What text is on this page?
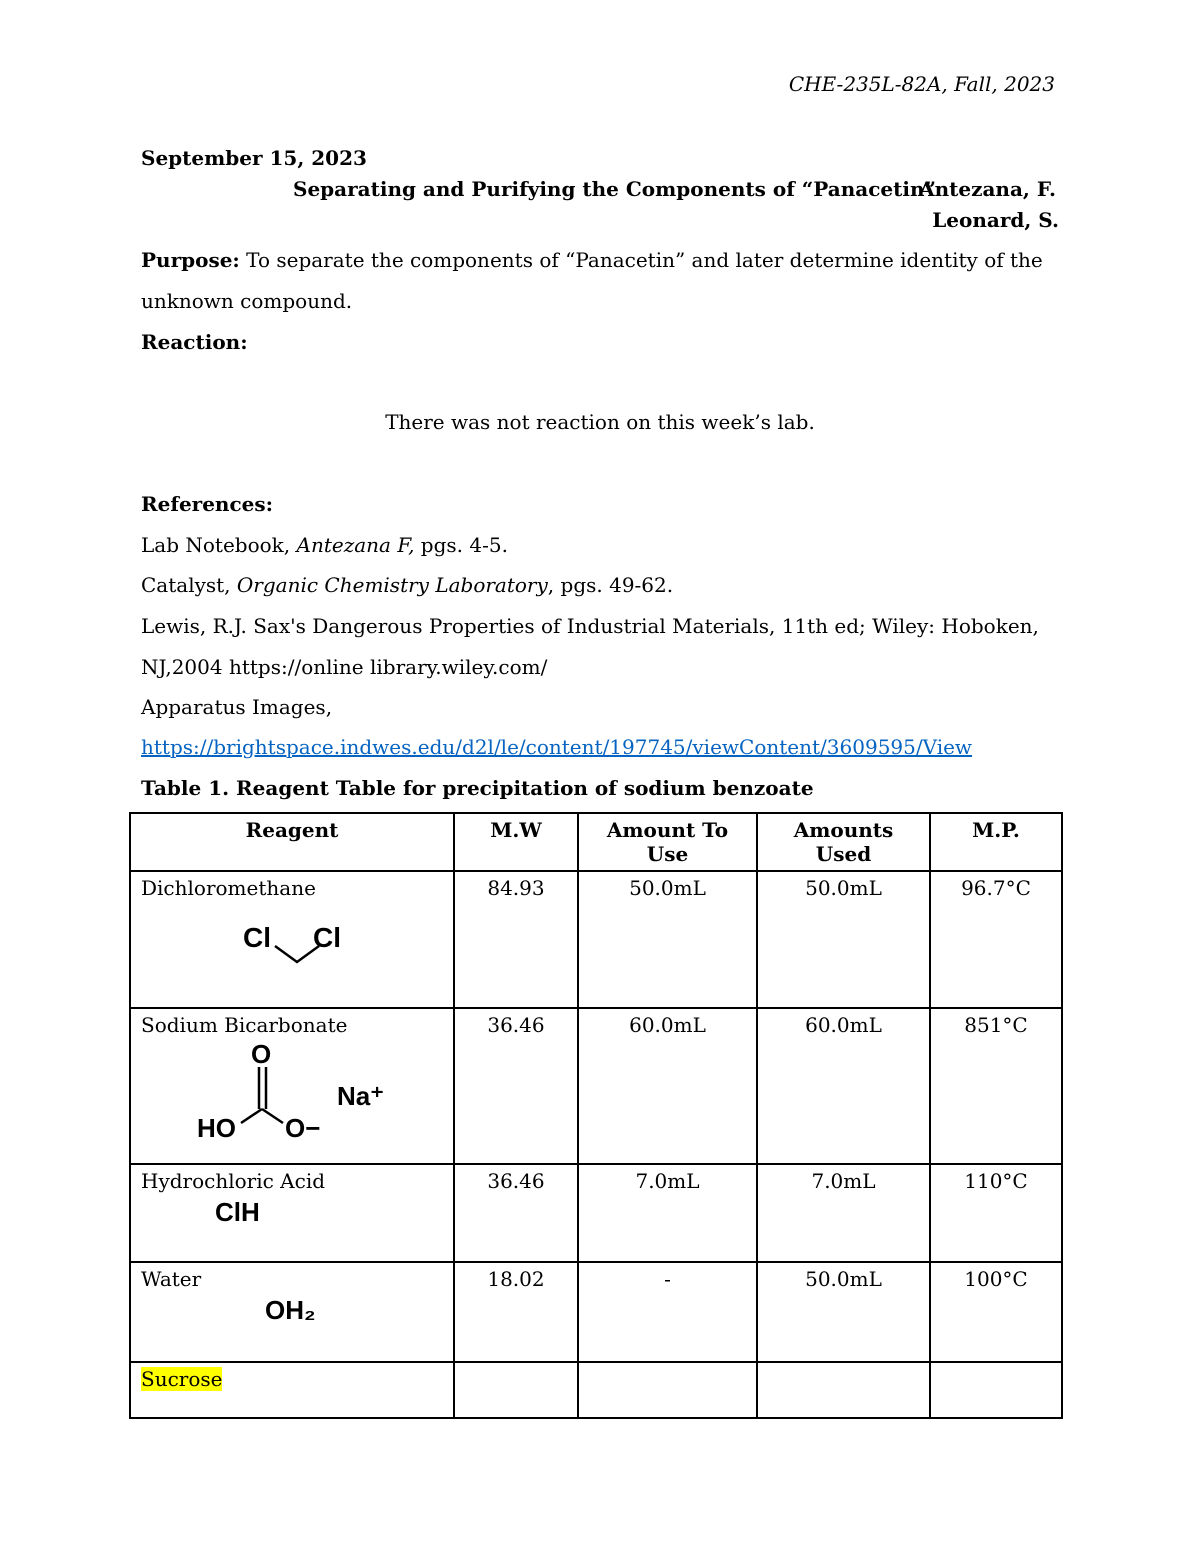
CHE-235L-82A, Fall, 2023
September 15, 2023
Separating and Purifying the Components of “Panacetin”
Antezana, F.
Leonard, S.
Purpose: To separate the components of “Panacetin” and later determine identity of the
unknown compound.
Reaction:
There was not reaction on this week’s lab.
References:
Lab Notebook, Antezana F, pgs. 4-5.
Catalyst, Organic Chemistry Laboratory, pgs. 49-62.
Lewis, R.J. Sax's Dangerous Properties of Industrial Materials, 11th ed; Wiley: Hoboken,
NJ,2004 https://online library.wiley.com/
Apparatus Images,
https://brightspace.indwes.edu/d2l/le/content/197745/viewContent/3609595/View
Table 1. Reagent Table for precipitation of sodium benzoate
Reagent	M.W	Amount To Use	Amounts Used	M.P.

Dichloromethane
Cl Cl	84.93	50.0mL	50.0mL	96.7°C

Sodium Bicarbonate
O
HO O−
Na⁺	36.46	60.0mL	60.0mL	851°C

Hydrochloric Acid
ClH	36.46	7.0mL	7.0mL	110°C

Water
OH₂	18.02	-	50.0mL	100°C
Sucrose				
